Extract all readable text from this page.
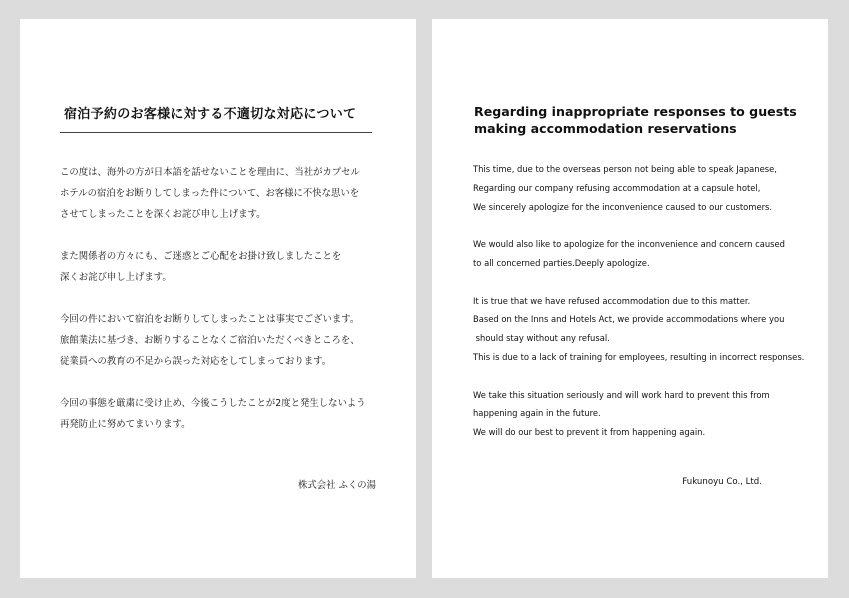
宿泊予約のお客様に対する不適切な対応について

この度は、海外の方が日本語を話せないことを理由に、当社がカプセル

ホテルの宿泊をお断りしてしまった件について、お客様に不快な思いを

させてしまったことを深くお詫び申し上げます。

また関係者の方々にも、ご迷惑とご心配をお掛け致しましたことを

深くお詫び申し上げます。

今回の件において宿泊をお断りしてしまったことは事実でございます。

旅館業法に基づき、お断りすることなくご宿泊いただくべきところを、

従業員への教育の不足から誤った対応をしてしまっております。

今回の事態を厳粛に受け止め、今後こうしたことが2度と発生しないよう

再発防止に努めてまいります。

株式会社 ふくの湯
Regarding inappropriate responses to guests
making accommodation reservations

This time, due to the overseas person not being able to speak Japanese,

Regarding our company refusing accommodation at a capsule hotel,

We sincerely apologize for the inconvenience caused to our customers.

We would also like to apologize for the inconvenience and concern caused

to all concerned parties.Deeply apologize.

It is true that we have refused accommodation due to this matter.

Based on the Inns and Hotels Act, we provide accommodations where you

should stay without any refusal.

This is due to a lack of training for employees, resulting in incorrect responses.

We take this situation seriously and will work hard to prevent this from

happening again in the future.

We will do our best to prevent it from happening again.

Fukunoyu Co., Ltd.
